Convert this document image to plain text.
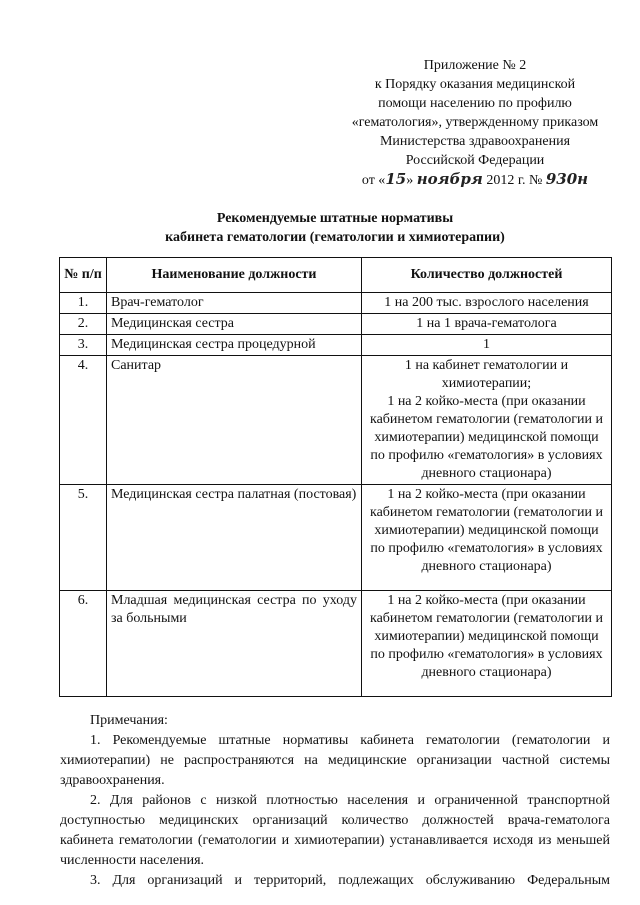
Приложение № 2
к Порядку оказания медицинской
помощи населению по профилю
«гематология», утвержденному приказом
Министерства здравоохранения
Российской Федерации
от «15» ноября 2012 г. № 930н
Рекомендуемые штатные нормативы
кабинета гематологии (гематологии и химиотерапии)
№ п/п	Наименование должности	Количество должностей
1.	Врач-гематолог	1 на 200 тыс. взрослого населения
2.	Медицинская сестра	1 на 1 врача-гематолога
3.	Медицинская сестра процедурной	1
4.	Санитар	1 на кабинет гематологии и химиотерапии;
1 на 2 койко-места (при оказании кабинетом гематологии (гематологии и химиотерапии) медицинской помощи по профилю «гематология» в условиях дневного стационара)
5.	Медицинская сестра палатная (постовая)	1 на 2 койко-места (при оказании кабинетом гематологии (гематологии и химиотерапии) медицинской помощи по профилю «гематология» в условиях дневного стационара)
6.	Младшая медицинская сестра по уходу за больными	1 на 2 койко-места (при оказании кабинетом гематологии (гематологии и химиотерапии) медицинской помощи по профилю «гематология» в условиях дневного стационара)

Примечания:

1. Рекомендуемые штатные нормативы кабинета гематологии (гематологии и химиотерапии) не распространяются на медицинские организации частной системы здравоохранения.

2. Для районов с низкой плотностью населения и ограниченной транспортной доступностью медицинских организаций количество должностей врача-гематолога кабинета гематологии (гематологии и химиотерапии) устанавливается исходя из меньшей численности населения.

3. Для организаций и территорий, подлежащих обслуживанию Федеральным
